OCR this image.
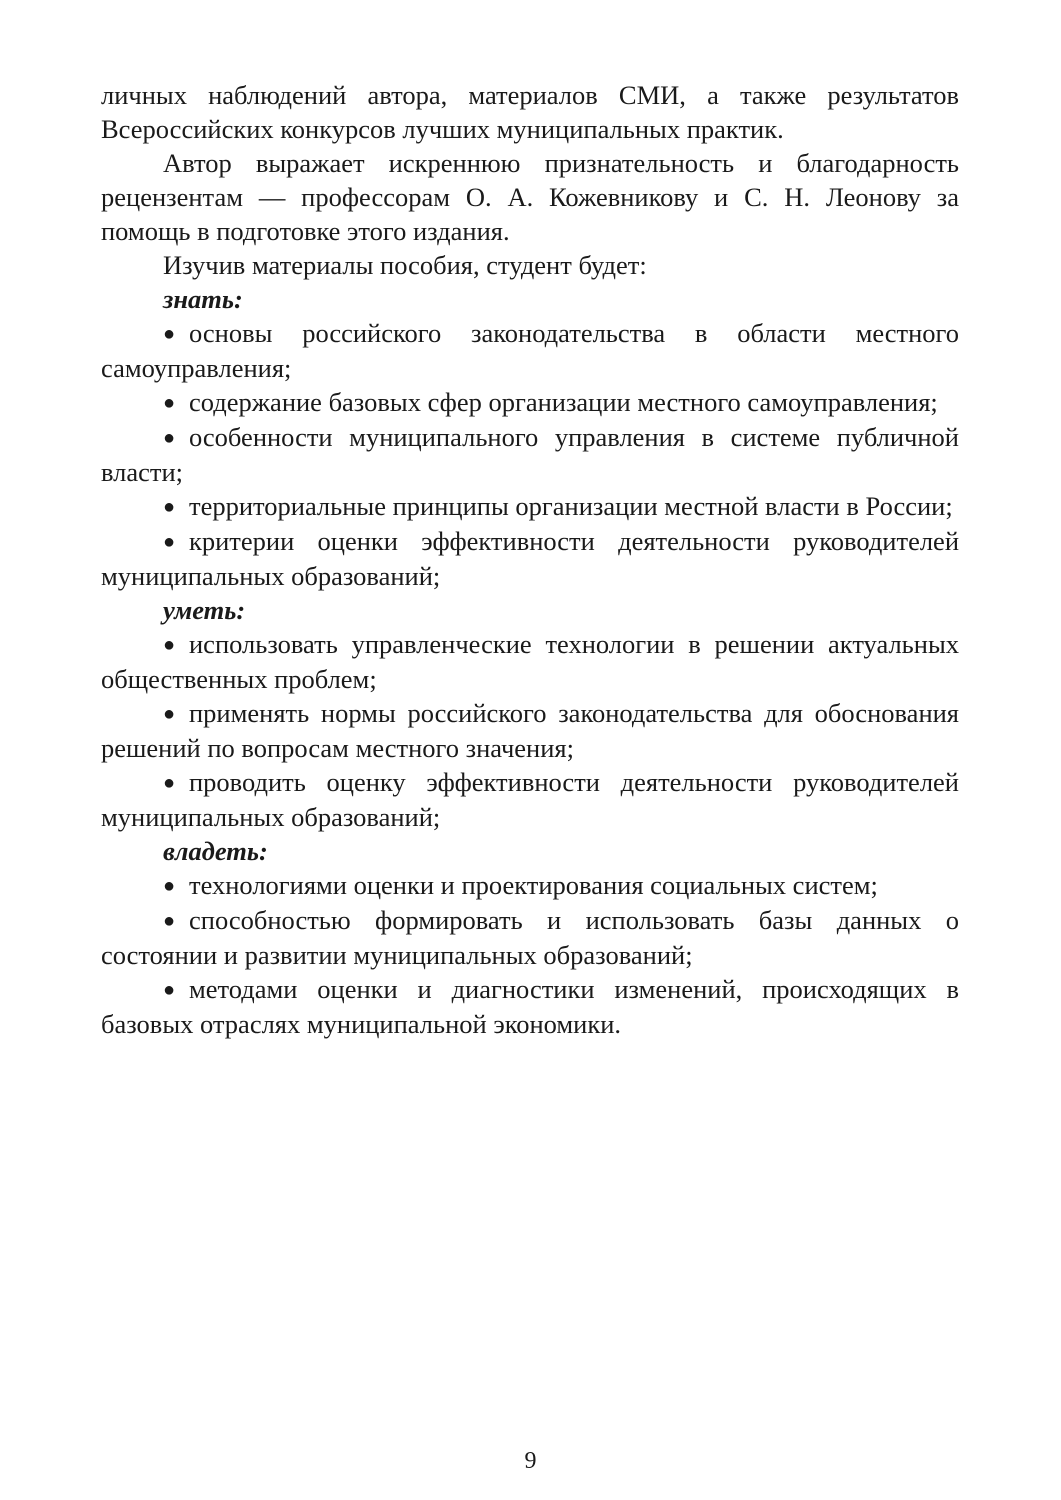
личных наблюдений автора, материалов СМИ, а также результатов Всероссийских конкурсов лучших муниципальных практик.

Автор выражает искреннюю признательность и благодарность рецензентам — профессорам О. А. Кожевникову и С. Н. Леонову за помощь в подготовке этого издания.

Изучив материалы пособия, студент будет:

знать:

● основы российского законодательства в области местного самоуправления;

● содержание базовых сфер организации местного самоуправления;

● особенности муниципального управления в системе публичной власти;

● территориальные принципы организации местной власти в России;

● критерии оценки эффективности деятельности руководителей муниципальных образований;

уметь:

● использовать управленческие технологии в решении актуальных общественных проблем;

● применять нормы российского законодательства для обоснования решений по вопросам местного значения;

● проводить оценку эффективности деятельности руководителей муниципальных образований;

владеть:

● технологиями оценки и проектирования социальных систем;

● способностью формировать и использовать базы данных о состоянии и развитии муниципальных образований;

● методами оценки и диагностики изменений, происходящих в базовых отраслях муниципальной экономики.

9
